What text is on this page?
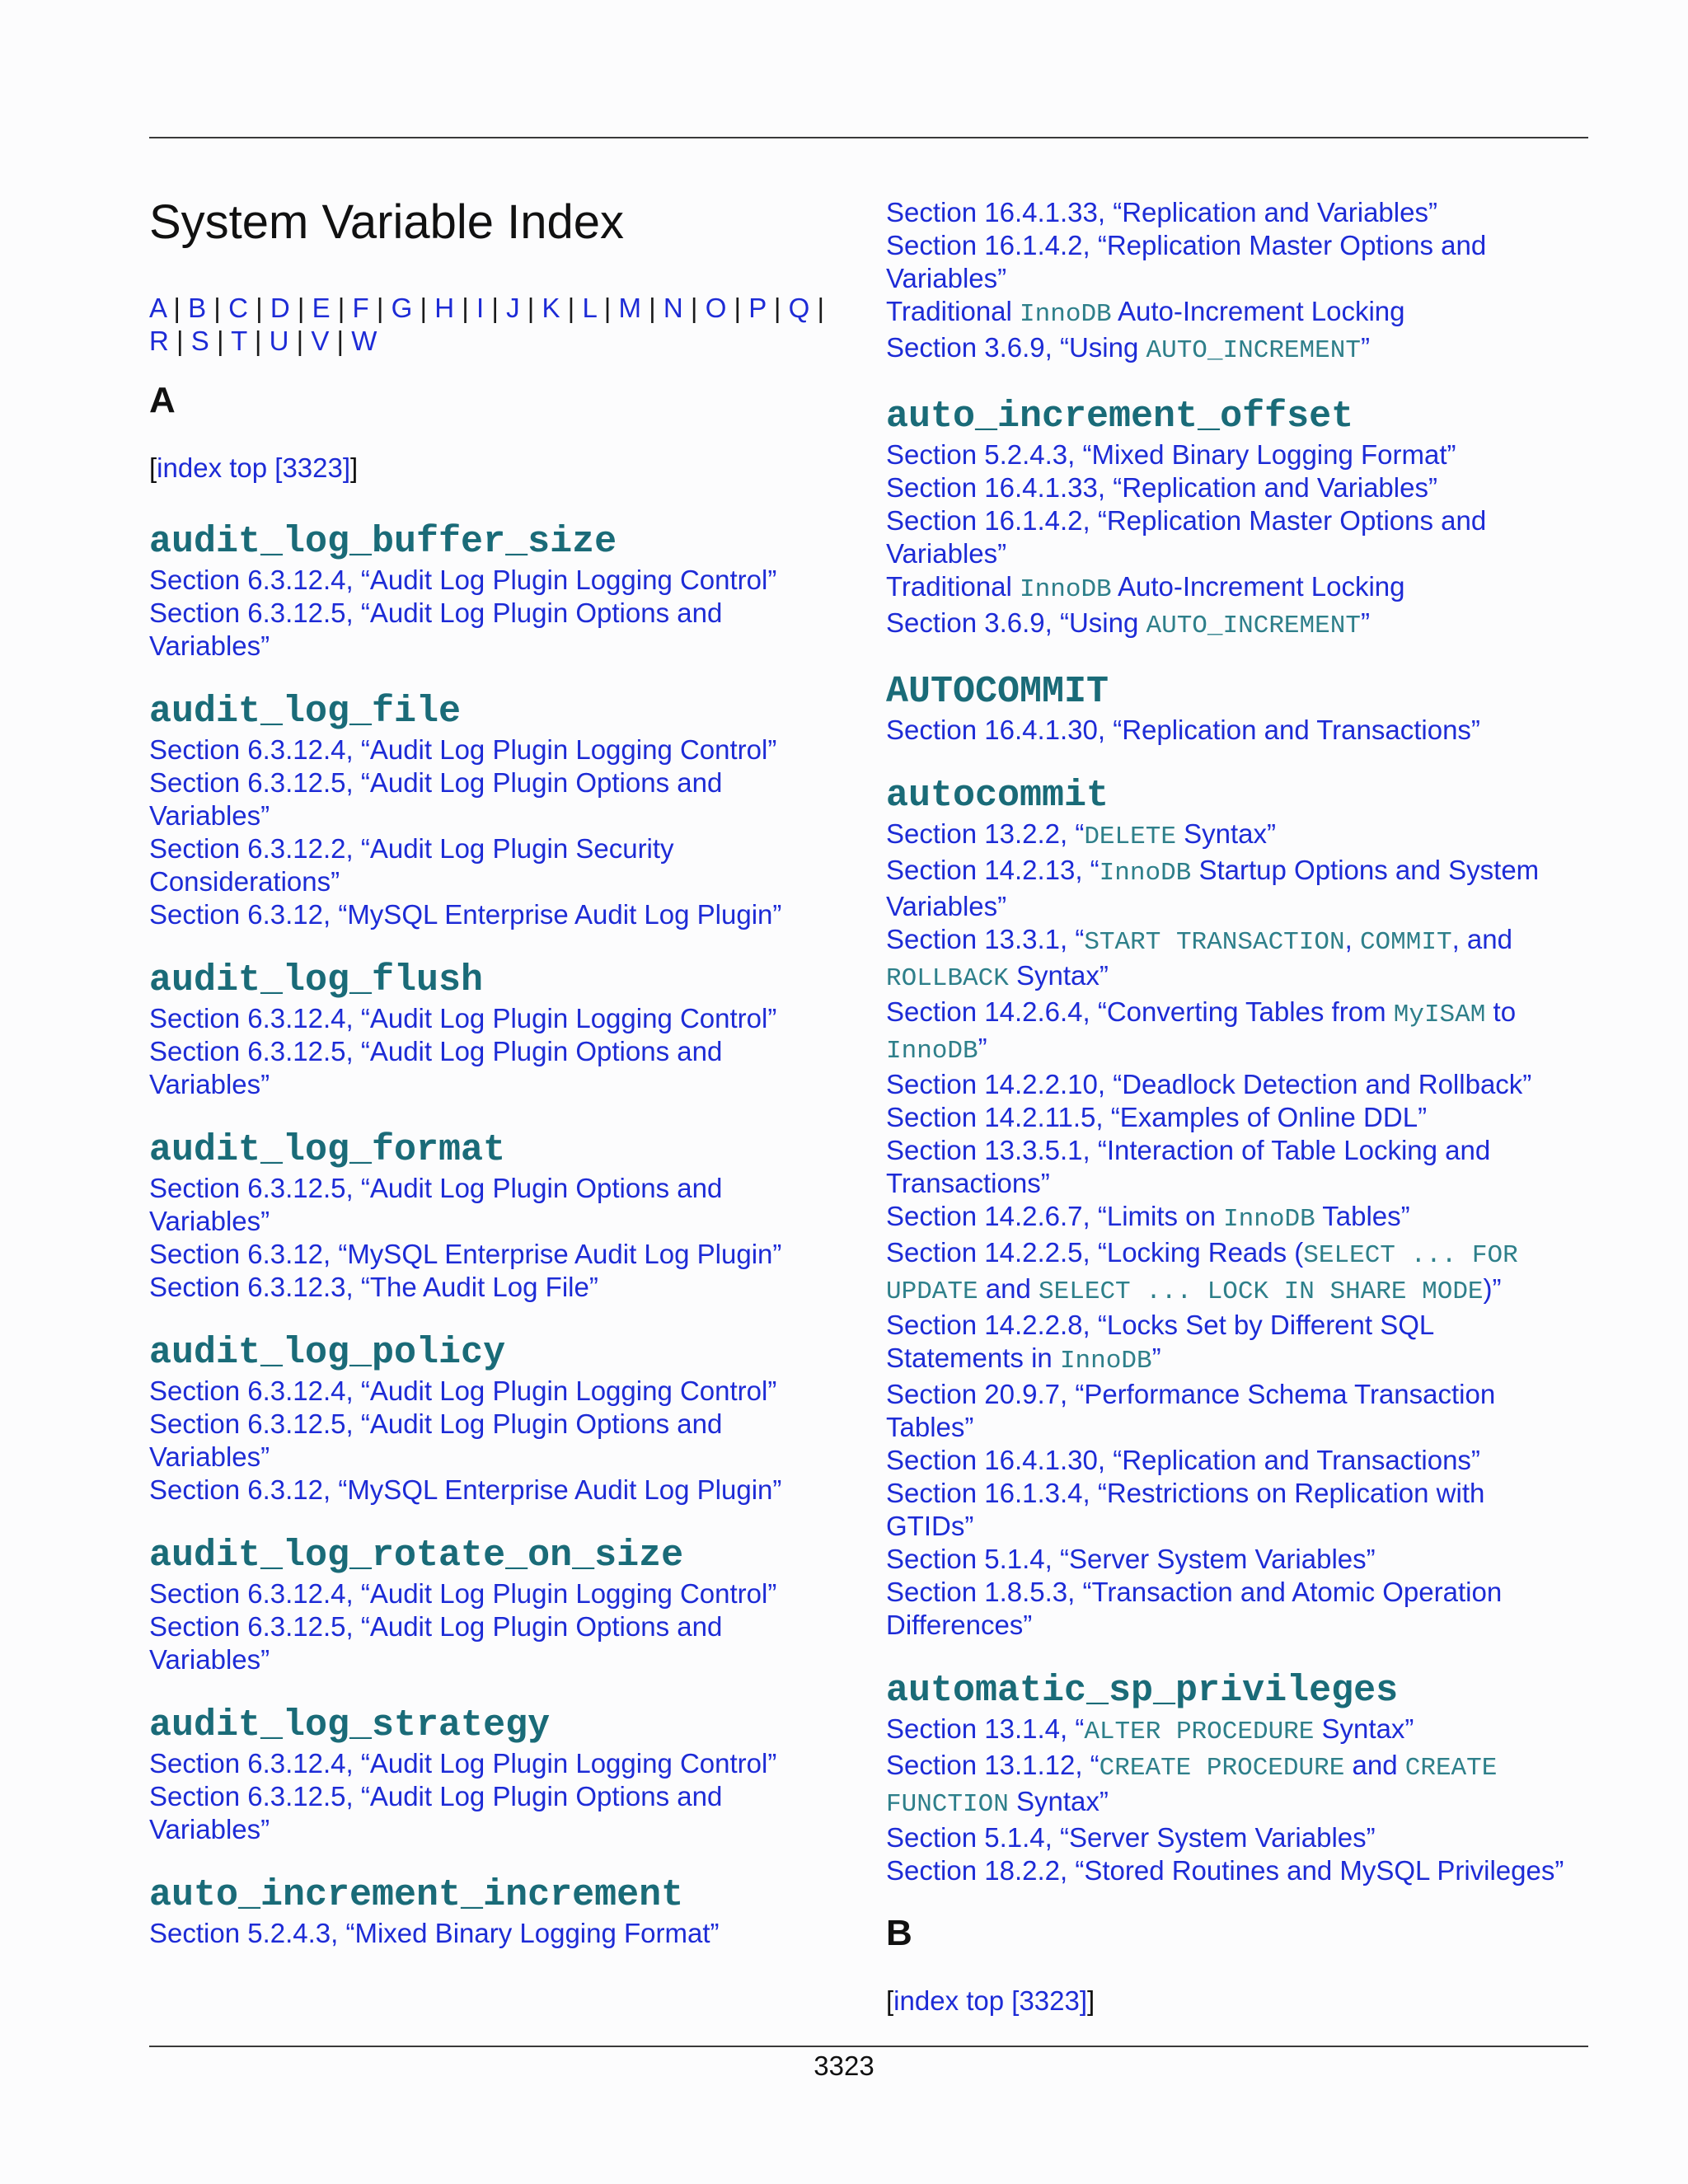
System Variable Index
A | B | C | D | E | F | G | H | I | J | K | L | M | N | O | P | Q |
R | S | T | U | V | W
A
[index top [3323]]
audit_log_buffer_size
Section 6.3.12.4, “Audit Log Plugin Logging Control”
Section 6.3.12.5, “Audit Log Plugin Options and
Variables”
audit_log_file
Section 6.3.12.4, “Audit Log Plugin Logging Control”
Section 6.3.12.5, “Audit Log Plugin Options and
Variables”
Section 6.3.12.2, “Audit Log Plugin Security
Considerations”
Section 6.3.12, “MySQL Enterprise Audit Log Plugin”
audit_log_flush
Section 6.3.12.4, “Audit Log Plugin Logging Control”
Section 6.3.12.5, “Audit Log Plugin Options and
Variables”
audit_log_format
Section 6.3.12.5, “Audit Log Plugin Options and
Variables”
Section 6.3.12, “MySQL Enterprise Audit Log Plugin”
Section 6.3.12.3, “The Audit Log File”
audit_log_policy
Section 6.3.12.4, “Audit Log Plugin Logging Control”
Section 6.3.12.5, “Audit Log Plugin Options and
Variables”
Section 6.3.12, “MySQL Enterprise Audit Log Plugin”
audit_log_rotate_on_size
Section 6.3.12.4, “Audit Log Plugin Logging Control”
Section 6.3.12.5, “Audit Log Plugin Options and
Variables”
audit_log_strategy
Section 6.3.12.4, “Audit Log Plugin Logging Control”
Section 6.3.12.5, “Audit Log Plugin Options and
Variables”
auto_increment_increment
Section 5.2.4.3, “Mixed Binary Logging Format”
Section 16.4.1.33, “Replication and Variables”
Section 16.1.4.2, “Replication Master Options and
Variables”
Traditional InnoDB Auto-Increment Locking
Section 3.6.9, “Using AUTO_INCREMENT”
auto_increment_offset
Section 5.2.4.3, “Mixed Binary Logging Format”
Section 16.4.1.33, “Replication and Variables”
Section 16.1.4.2, “Replication Master Options and
Variables”
Traditional InnoDB Auto-Increment Locking
Section 3.6.9, “Using AUTO_INCREMENT”
AUTOCOMMIT
Section 16.4.1.30, “Replication and Transactions”
autocommit
Section 13.2.2, “DELETE Syntax”
Section 14.2.13, “InnoDB Startup Options and System
Variables”
Section 13.3.1, “START TRANSACTION, COMMIT, and
ROLLBACK Syntax”
Section 14.2.6.4, “Converting Tables from MyISAM to
InnoDB”
Section 14.2.2.10, “Deadlock Detection and Rollback”
Section 14.2.11.5, “Examples of Online DDL”
Section 13.3.5.1, “Interaction of Table Locking and
Transactions”
Section 14.2.6.7, “Limits on InnoDB Tables”
Section 14.2.2.5, “Locking Reads (SELECT ... FOR
UPDATE and SELECT ... LOCK IN SHARE MODE)”
Section 14.2.2.8, “Locks Set by Different SQL
Statements in InnoDB”
Section 20.9.7, “Performance Schema Transaction
Tables”
Section 16.4.1.30, “Replication and Transactions”
Section 16.1.3.4, “Restrictions on Replication with
GTIDs”
Section 5.1.4, “Server System Variables”
Section 1.8.5.3, “Transaction and Atomic Operation
Differences”
automatic_sp_privileges
Section 13.1.4, “ALTER PROCEDURE Syntax”
Section 13.1.12, “CREATE PROCEDURE and CREATE
FUNCTION Syntax”
Section 5.1.4, “Server System Variables”
Section 18.2.2, “Stored Routines and MySQL Privileges”
B
[index top [3323]]
3323
